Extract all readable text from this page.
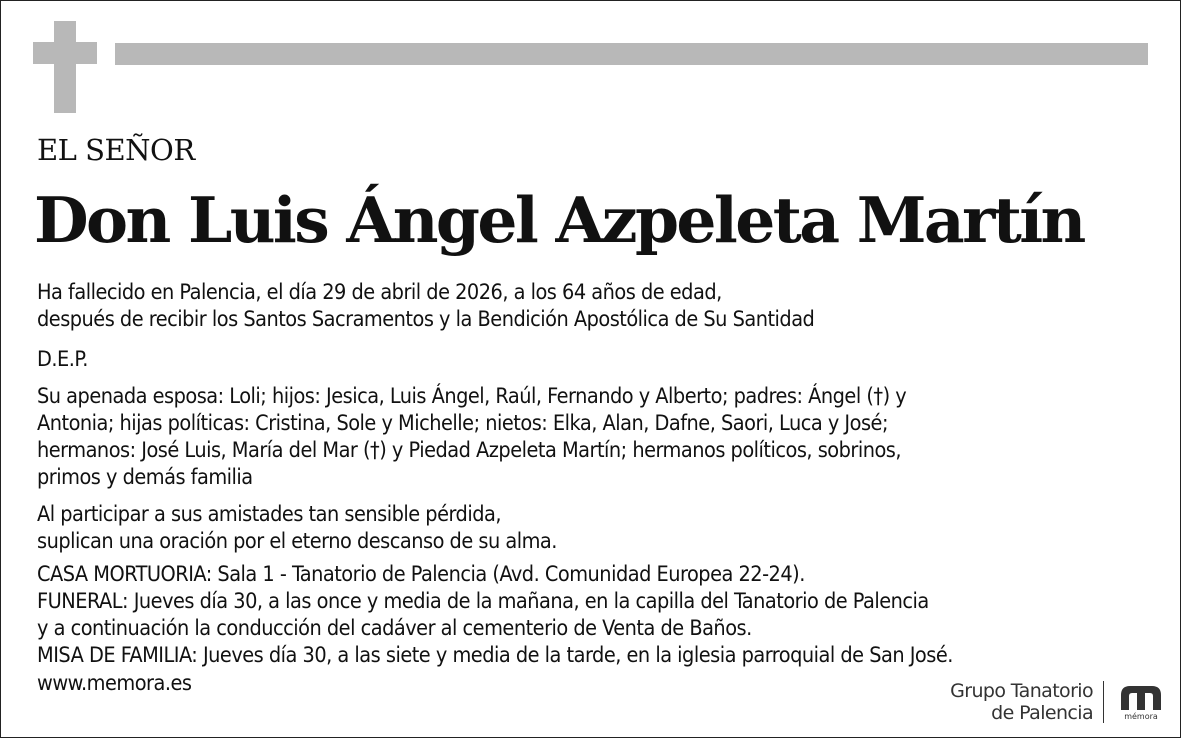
EL SEÑOR
Don Luis Ángel Azpeleta Martín

Ha fallecido en Palencia, el día 29 de abril de 2026, a los 64 años de edad,

después de recibir los Santos Sacramentos y la Bendición Apostólica de Su Santidad

D.E.P.

Su apenada esposa: Loli; hijos: Jesica, Luis Ángel, Raúl, Fernando y Alberto; padres: Ángel (†) y

Antonia; hijas políticas: Cristina, Sole y Michelle; nietos: Elka, Alan, Dafne, Saori, Luca y José;

hermanos: José Luis, María del Mar (†) y Piedad Azpeleta Martín; hermanos políticos, sobrinos,

primos y demás familia

Al participar a sus amistades tan sensible pérdida,

suplican una oración por el eterno descanso de su alma.

CASA MORTUORIA: Sala 1 - Tanatorio de Palencia (Avd. Comunidad Europea 22-24).

FUNERAL: Jueves día 30, a las once y media de la mañana, en la capilla del Tanatorio de Palencia

y a continuación la conducción del cadáver al cementerio de Venta de Baños.

MISA DE FAMILIA: Jueves día 30, a las siete y media de la tarde, en la iglesia parroquial de San José.

www.memora.es	Grupo Tanatorio
de Palencia	mémora
